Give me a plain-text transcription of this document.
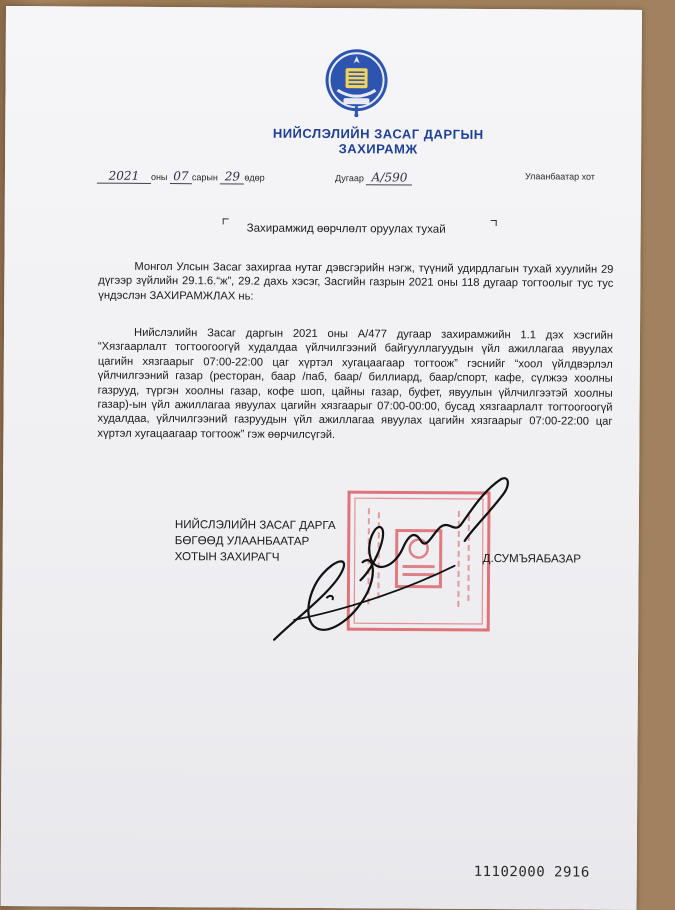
НИЙСЛЭЛИЙН ЗАСАГ ДАРГЫН
ЗАХИРАМЖ
2021 оны 07 сарын 29 өдөр	Дугаар А/590	Улаанбаатар хот
Захирамжид өөрчлөлт оруулах тухай
Монгол Улсын Засаг захиргаа нутаг дэвсгэрийн нэгж, түүний удирдлагын тухай хуулийн 29 дүгээр зүйлийн 29.1.6.“ж”, 29.2 дахь хэсэг, Засгийн газрын 2021 оны 118 дугаар тогтоолыг тус тус үндэслэн ЗАХИРАМЖЛАХ нь:
Нийслэлийн Засаг даргын 2021 оны А/477 дугаар захирамжийн 1.1 дэх хэсгийн “Хязгаарлалт тогтоогоогүй худалдаа үйлчилгээний байгууллагуудын үйл ажиллагаа явуулах цагийн хязгаарыг 07:00-22:00 цаг хүртэл хугацаагаар тогтоож” гэснийг “хоол үйлдвэрлэл үйлчилгээний газар (ресторан, баар /паб, баар/ биллиард, баар/спорт, кафе, сүлжээ хоолны газрууд, түргэн хоолны газар, кофе шоп, цайны газар, буфет, явуулын үйлчилгээтэй хоолны газар)-ын үйл ажиллагаа явуулах цагийн хязгаарыг 07:00-00:00, бусад хязгаарлалт тогтоогоогүй худалдаа, үйлчилгээний газруудын үйл ажиллагаа явуулах цагийн хязгаарыг 07:00-22:00 цаг хүртэл хугацаагаар тогтоож” гэж өөрчилсүгэй.
НИЙСЛЭЛИЙН ЗАСАГ ДАРГА
БӨГӨӨД УЛААНБААТАР
ХОТЫН ЗАХИРАГЧ	Д.СУМЪЯАБАЗАР
11102000 2916
